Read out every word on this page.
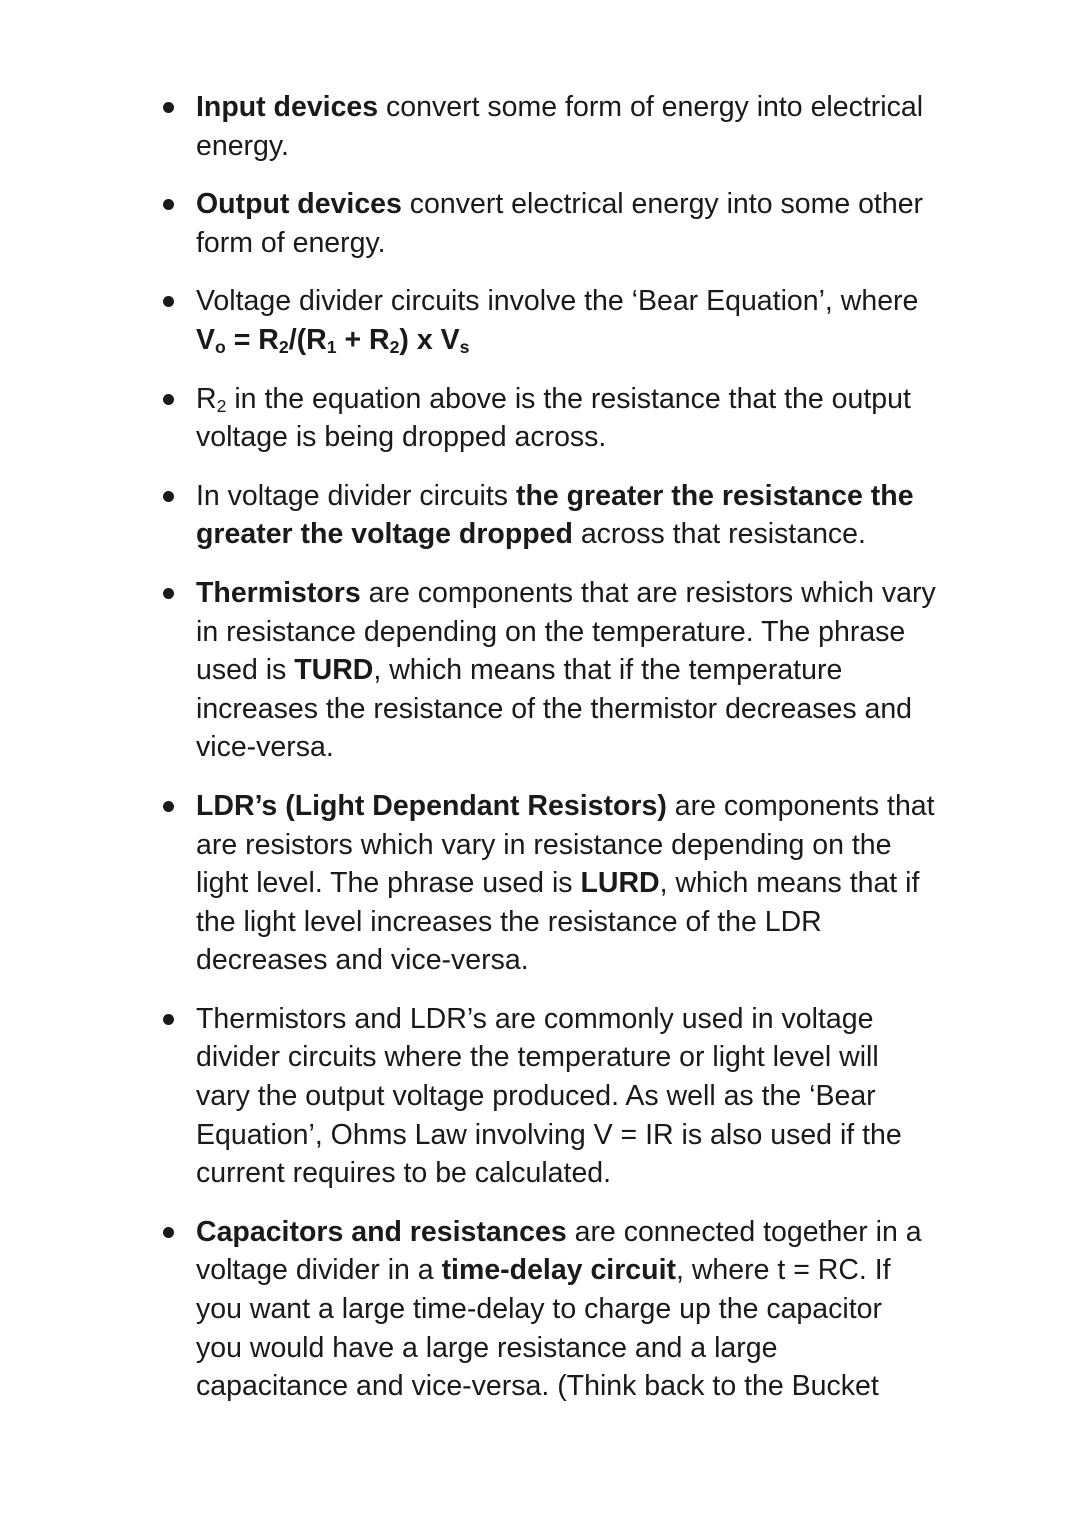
Input devices convert some form of energy into electrical
energy.

Output devices convert electrical energy into some other
form of energy.

Voltage divider circuits involve the ‘Bear Equation’, where
$V_o = R_2/(R_1 + R_2)$ x $V_s$

$R_2$ in the equation above is the resistance that the output
voltage is being dropped across.

In voltage divider circuits the greater the resistance the
greater the voltage dropped across that resistance.

Thermistors are components that are resistors which vary
in resistance depending on the temperature. The phrase
used is TURD, which means that if the temperature
increases the resistance of the thermistor decreases and
vice-versa.

LDR’s (Light Dependant Resistors) are components that
are resistors which vary in resistance depending on the
light level. The phrase used is LURD, which means that if
the light level increases the resistance of the LDR
decreases and vice-versa.

Thermistors and LDR’s are commonly used in voltage
divider circuits where the temperature or light level will
vary the output voltage produced. As well as the ‘Bear
Equation’, Ohms Law involving V = IR is also used if the
current requires to be calculated.

Capacitors and resistances are connected together in a
voltage divider in a time-delay circuit, where t = RC. If
you want a large time-delay to charge up the capacitor
you would have a large resistance and a large
capacitance and vice-versa. (Think back to the Bucket
